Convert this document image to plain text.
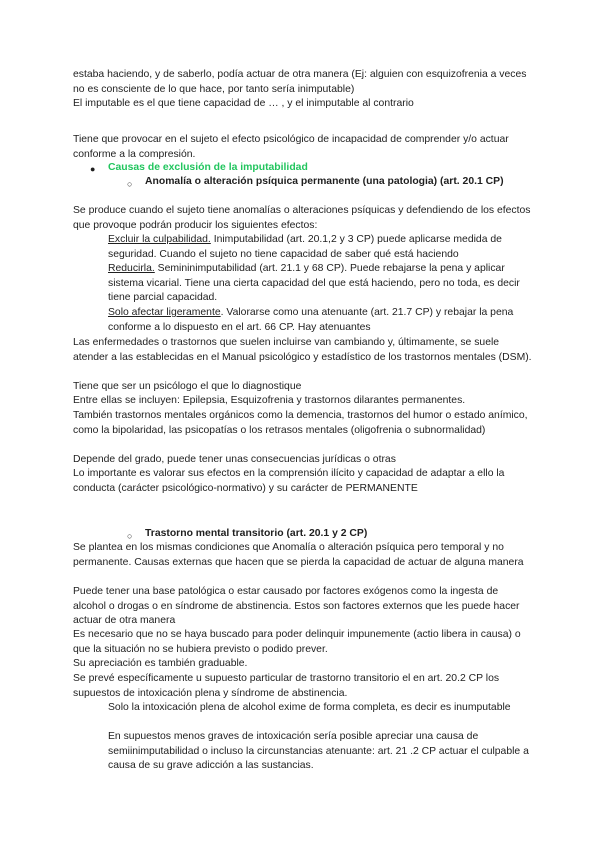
estaba haciendo, y de saberlo, podía actuar de otra manera (Ej: alguien con esquizofrenia a veces no es consciente de lo que hace, por tanto sería inimputable)

El imputable es el que tiene capacidad de … , y el inimputable al contrario

Tiene que provocar en el sujeto el efecto psicológico de incapacidad de comprender y/o actuar conforme a la compresión.

● Causas de exclusión de la imputabilidad

○ Anomalía o alteración psíquica permanente (una patologia) (art. 20.1 CP)

Se produce cuando el sujeto tiene anomalías o alteraciones psíquicas y defendiendo de los efectos que provoque podrán producir los siguientes efectos:

Excluir la culpabilidad. Inimputabilidad (art. 20.1,2 y 3 CP) puede aplicarse medida de seguridad. Cuando el sujeto no tiene capacidad de saber qué está haciendo

Reducirla. Semininimputabilidad (art. 21.1 y 68 CP). Puede rebajarse la pena y aplicar sistema vicarial. Tiene una cierta capacidad del que está haciendo, pero no toda, es decir tiene parcial capacidad.

Solo afectar ligeramente. Valorarse como una atenuante (art. 21.7 CP) y rebajar la pena conforme a lo dispuesto en el art. 66 CP. Hay atenuantes

Las enfermedades o trastornos que suelen incluirse van cambiando y, últimamente, se suele atender a las establecidas en el Manual psicológico y estadístico de los trastornos mentales (DSM).

Tiene que ser un psicólogo el que lo diagnostique

Entre ellas se incluyen: Epilepsia, Esquizofrenia y trastornos dilarantes permanentes.

También trastornos mentales orgánicos como la demencia, trastornos del humor o estado anímico, como la bipolaridad, las psicopatías o los retrasos mentales (oligofrenia o subnormalidad)

Depende del grado, puede tener unas consecuencias jurídicas o otras

Lo importante es valorar sus efectos en la comprensión ilícito y capacidad de adaptar a ello la conducta (carácter psicológico-normativo) y su carácter de PERMANENTE

○ Trastorno mental transitorio (art. 20.1 y 2 CP)

Se plantea en los mismas condiciones que Anomalía o alteración psíquica pero temporal y no permanente. Causas externas que hacen que se pierda la capacidad de actuar de alguna manera

Puede tener una base patológica o estar causado por factores exógenos como la ingesta de alcohol o drogas o en síndrome de abstinencia. Estos son factores externos que les puede hacer actuar de otra manera

Es necesario que no se haya buscado para poder delinquir impunemente (actio libera in causa) o que la situación no se hubiera previsto o podido prever.

Su apreciación es también graduable.

Se prevé específicamente u supuesto particular de trastorno transitorio el en art. 20.2 CP los supuestos de intoxicación plena y síndrome de abstinencia.

Solo la intoxicación plena de alcohol exime de forma completa, es decir es inumputable

En supuestos menos graves de intoxicación sería posible apreciar una causa de semiinimputabilidad o incluso la circunstancias atenuante: art. 21 .2 CP actuar el culpable a causa de su grave adicción a las sustancias.
